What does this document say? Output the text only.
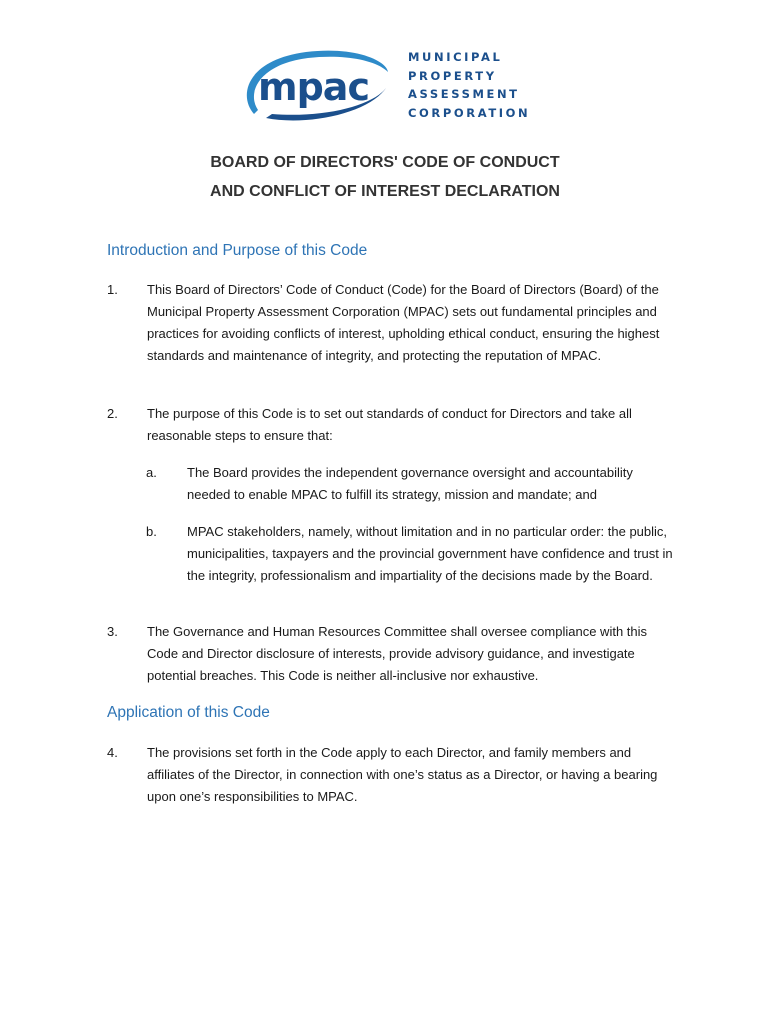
mpac
MUNICIPAL
PROPERTY
ASSESSMENT
CORPORATION
BOARD OF DIRECTORS' CODE OF CONDUCT
AND CONFLICT OF INTEREST DECLARATION
Introduction and Purpose of this Code
1. This Board of Directors’ Code of Conduct (Code) for the Board of Directors (Board) of the Municipal Property Assessment Corporation (MPAC) sets out fundamental principles and practices for avoiding conflicts of interest, upholding ethical conduct, ensuring the highest standards and maintenance of integrity, and protecting the reputation of MPAC.
2. The purpose of this Code is to set out standards of conduct for Directors and take all reasonable steps to ensure that:
a. The Board provides the independent governance oversight and accountability needed to enable MPAC to fulfill its strategy, mission and mandate; and
b. MPAC stakeholders, namely, without limitation and in no particular order: the public, municipalities, taxpayers and the provincial government have confidence and trust in the integrity, professionalism and impartiality of the decisions made by the Board.
3. The Governance and Human Resources Committee shall oversee compliance with this Code and Director disclosure of interests, provide advisory guidance, and investigate potential breaches. This Code is neither all-inclusive nor exhaustive.
Application of this Code
4. The provisions set forth in the Code apply to each Director, and family members and affiliates of the Director, in connection with one’s status as a Director, or having a bearing upon one’s responsibilities to MPAC.
